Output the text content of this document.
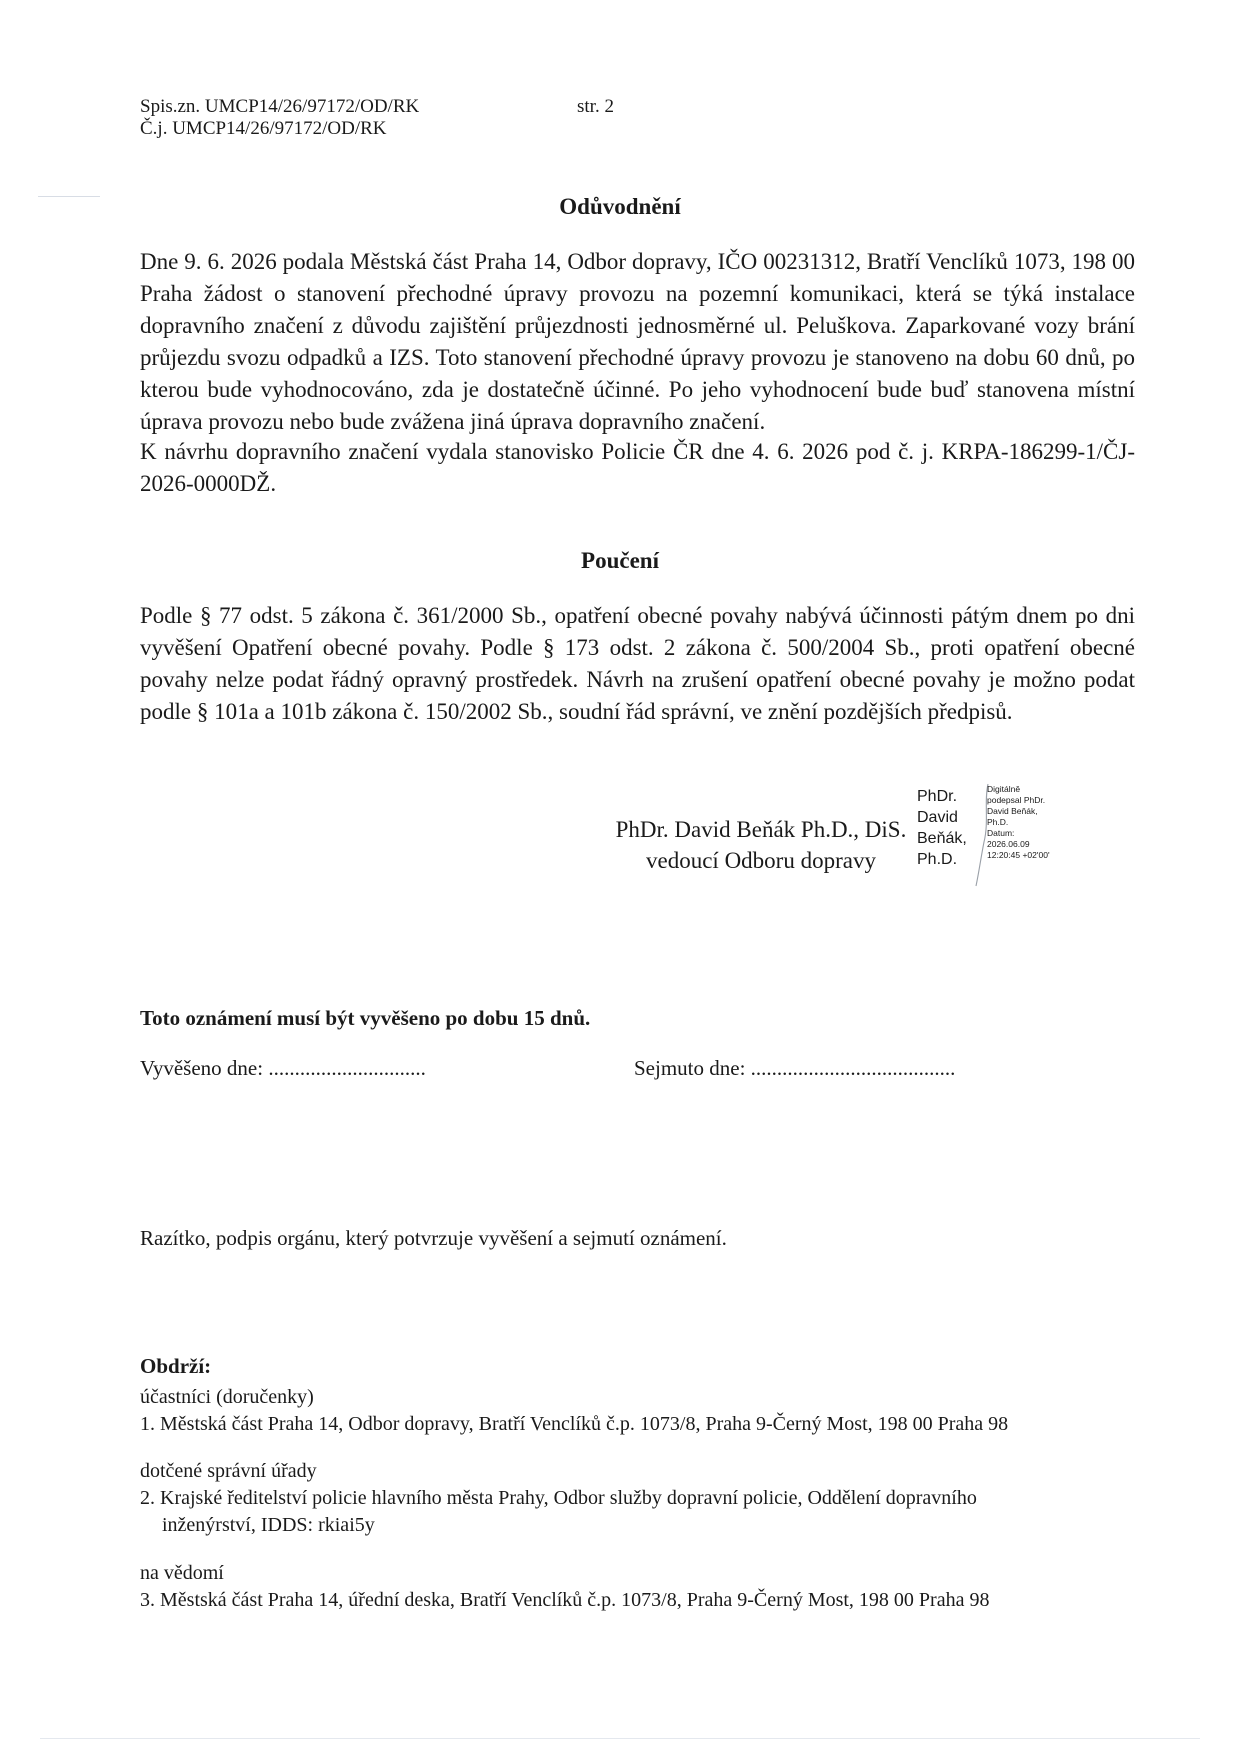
Spis.zn. UMCP14/26/97172/OD/RK
Č.j. UMCP14/26/97172/OD/RK
str. 2
Odůvodnění

Dne 9. 6. 2026 podala Městská část Praha 14, Odbor dopravy, IČO 00231312, Bratří Venclíků 1073, 198 00 Praha žádost o stanovení přechodné úpravy provozu na pozemní komunikaci, která se týká instalace dopravního značení z důvodu zajištění průjezdnosti jednosměrné ul. Peluškova. Zaparkované vozy brání průjezdu svozu odpadků a IZS. Toto stanovení přechodné úpravy provozu je stanoveno na dobu 60 dnů, po kterou bude vyhodnocováno, zda je dostatečně účinné. Po jeho vyhodnocení bude buď stanovena místní úprava provozu nebo bude zvážena jiná úprava dopravního značení.

K návrhu dopravního značení vydala stanovisko Policie ČR dne 4. 6. 2026 pod č. j. KRPA-186299-1/ČJ-2026-0000DŽ.

Poučení

Podle § 77 odst. 5 zákona č. 361/2000 Sb., opatření obecné povahy nabývá účinnosti pátým dnem po dni vyvěšení Opatření obecné povahy. Podle § 173 odst. 2 zákona č. 500/2004 Sb., proti opatření obecné povahy nelze podat řádný opravný prostředek. Návrh na zrušení opatření obecné povahy je možno podat podle § 101a a 101b zákona č. 150/2002 Sb., soudní řád správní, ve znění pozdějších předpisů.

PhDr. David Beňák Ph.D., DiS.
vedoucí Odboru dopravy
PhDr.
David
Beňák,
Ph.D.
Digitálně
podepsal PhDr.
David Beňák,
Ph.D.
Datum:
2026.06.09
12:20:45 +02'00'
Toto oznámení musí být vyvěšeno po dobu 15 dnů.
Vyvěšeno dne: ..............................	Sejmuto dne: .......................................
Razítko, podpis orgánu, který potvrzuje vyvěšení a sejmutí oznámení.
Obdrží:
účastníci (doručenky)
1. Městská část Praha 14, Odbor dopravy, Bratří Venclíků č.p. 1073/8, Praha 9-Černý Most, 198 00 Praha 98
dotčené správní úřady
2. Krajské ředitelství policie hlavního města Prahy, Odbor služby dopravní policie, Oddělení dopravního
inženýrství, IDDS: rkiai5y
na vědomí
3. Městská část Praha 14, úřední deska, Bratří Venclíků č.p. 1073/8, Praha 9-Černý Most, 198 00 Praha 98
